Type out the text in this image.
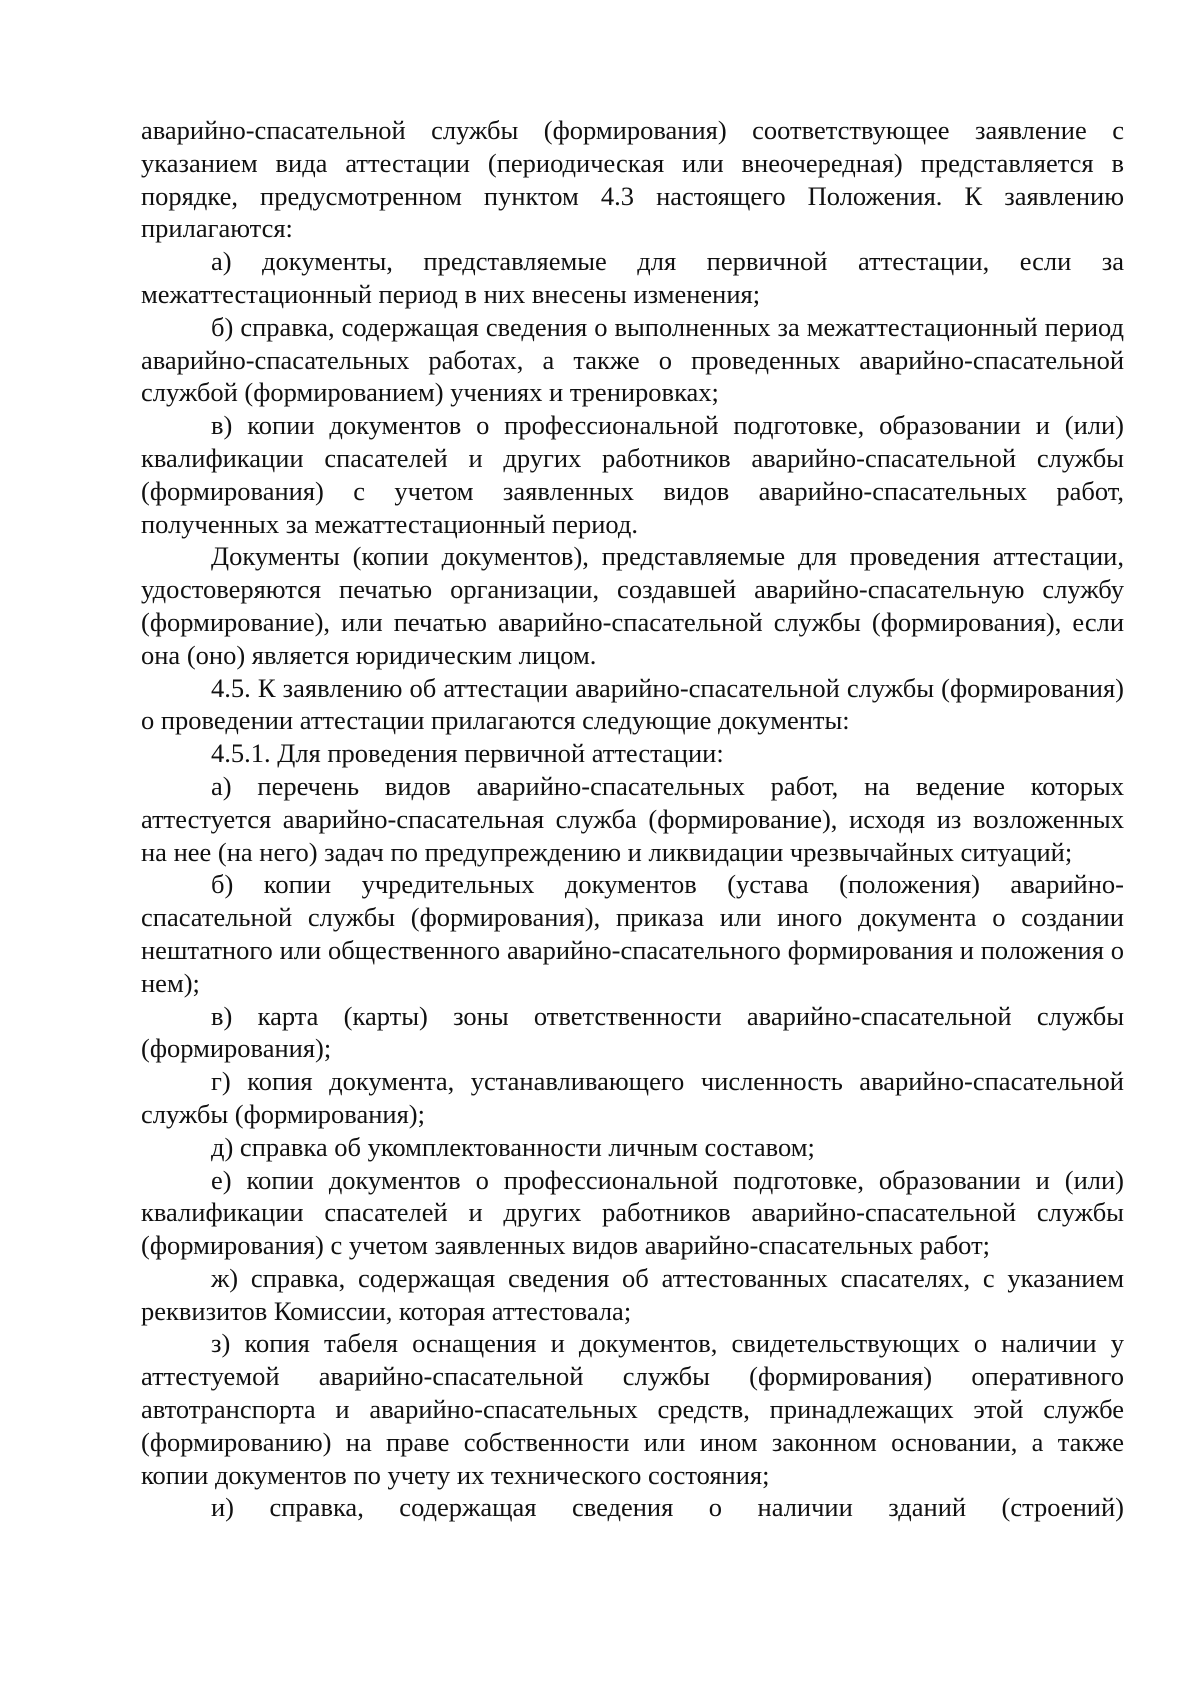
аварийно-спасательной службы (формирования) соответствующее заявление с указанием вида аттестации (периодическая или внеочередная) представляется в порядке, предусмотренном пунктом 4.3 настоящего Положения. К заявлению прилагаются:

а) документы, представляемые для первичной аттестации, если за межаттестационный период в них внесены изменения;

б) справка, содержащая сведения о выполненных за межаттестационный период аварийно-спасательных работах, а также о проведенных аварийно-спасательной службой (формированием) учениях и тренировках;

в) копии документов о профессиональной подготовке, образовании и (или) квалификации спасателей и других работников аварийно-спасательной службы (формирования) с учетом заявленных видов аварийно-спасательных работ, полученных за межаттестационный период.

Документы (копии документов), представляемые для проведения аттестации, удостоверяются печатью организации, создавшей аварийно-спасательную службу (формирование), или печатью аварийно-спасательной службы (формирования), если она (оно) является юридическим лицом.

4.5. К заявлению об аттестации аварийно-спасательной службы (формирования) о проведении аттестации прилагаются следующие документы:

4.5.1. Для проведения первичной аттестации:

а) перечень видов аварийно-спасательных работ, на ведение которых аттестуется аварийно-спасательная служба (формирование), исходя из возложенных на нее (на него) задач по предупреждению и ликвидации чрезвычайных ситуаций;

б) копии учредительных документов (устава (положения) аварийно-спасательной службы (формирования), приказа или иного документа о создании нештатного или общественного аварийно-спасательного формирования и положения о нем);

в) карта (карты) зоны ответственности аварийно-спасательной службы (формирования);

г) копия документа, устанавливающего численность аварийно-спасательной службы (формирования);

д) справка об укомплектованности личным составом;

е) копии документов о профессиональной подготовке, образовании и (или) квалификации спасателей и других работников аварийно-спасательной службы (формирования) с учетом заявленных видов аварийно-спасательных работ;

ж) справка, содержащая сведения об аттестованных спасателях, с указанием реквизитов Комиссии, которая аттестовала;

з) копия табеля оснащения и документов, свидетельствующих о наличии у аттестуемой аварийно-спасательной службы (формирования) оперативного автотранспорта и аварийно-спасательных средств, принадлежащих этой службе (формированию) на праве собственности или ином законном основании, а также копии документов по учету их технического состояния;

и) справка, содержащая сведения о наличии зданий (строений)
